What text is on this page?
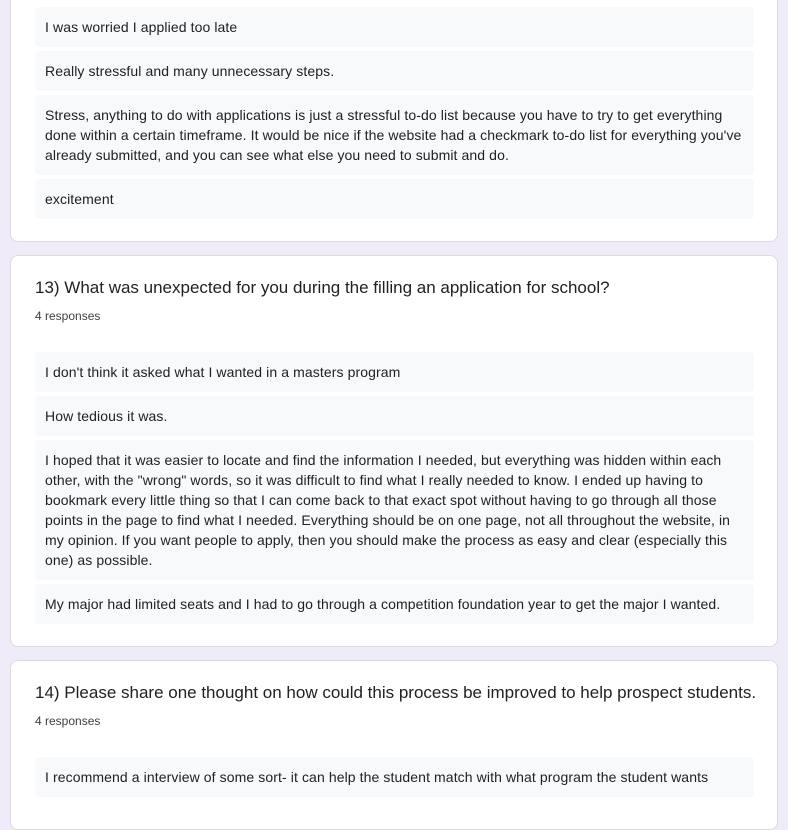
I was worried I applied too late
Really stressful and many unnecessary steps.
Stress, anything to do with applications is just a stressful to-do list because you have to try to get everything done within a certain timeframe. It would be nice if the website had a checkmark to-do list for everything you've already submitted, and you can see what else you need to submit and do.
excitement
13) What was unexpected for you during the filling an application for school?
4 responses
I don't think it asked what I wanted in a masters program
How tedious it was.
I hoped that it was easier to locate and find the information I needed, but everything was hidden within each other, with the "wrong" words, so it was difficult to find what I really needed to know. I ended up having to bookmark every little thing so that I can come back to that exact spot without having to go through all those points in the page to find what I needed. Everything should be on one page, not all throughout the website, in my opinion. If you want people to apply, then you should make the process as easy and clear (especially this one) as possible.
My major had limited seats and I had to go through a competition foundation year to get the major I wanted.
14) Please share one thought on how could this process be improved to help prospect students.
4 responses
I recommend a interview of some sort- it can help the student match with what program the student wants
